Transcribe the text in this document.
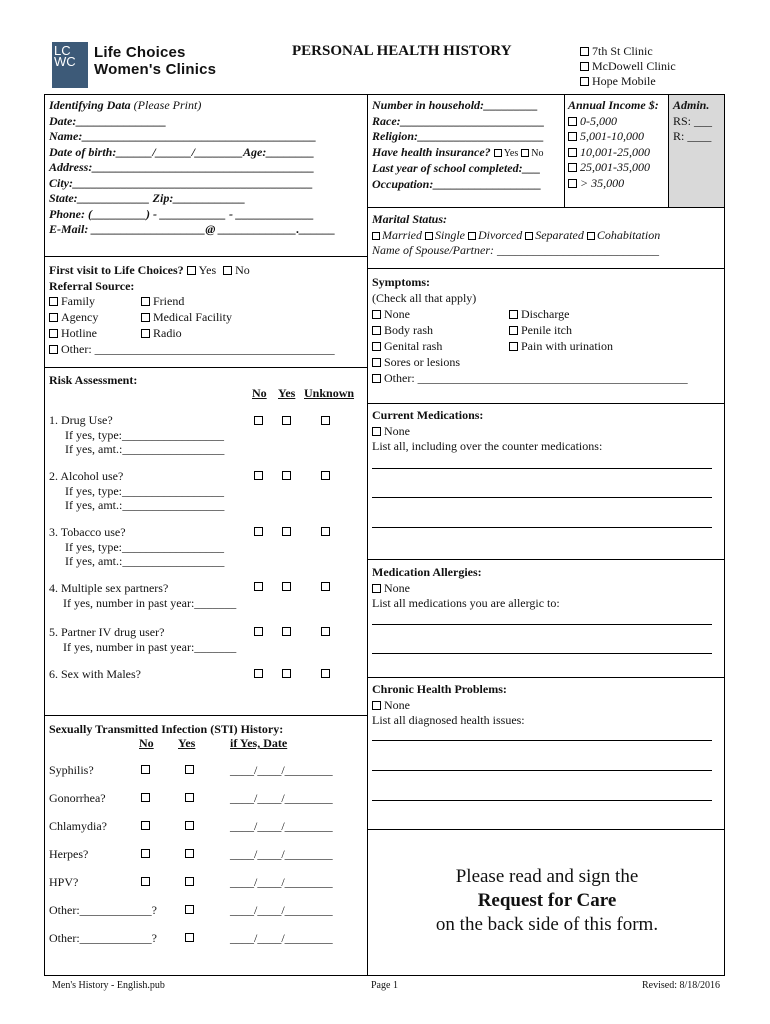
LCWC
Life Choices
Women's Clinics
PERSONAL HEALTH HISTORY	7th St Clinic
McDowell Clinic
Hope Mobile
Identifying Data (Please Print)
Date:_______________
Name:_______________________________________
Date of birth:______/______/________Age:________
Address:_____________________________________
City:________________________________________
State:____________ Zip:____________
Phone: (_________) - ___________ - _____________
E-Mail: ___________________@ _____________.______
Number in household:_________
Race:________________________
Religion:_____________________
Have health insurance? Yes No
Last year of school completed:___
Occupation:__________________
Annual Income $:
0-5,000
5,001-10,000
10,001-25,000
25,001-35,000
> 35,000
Admin.
RS: ___
R: ____
Marital Status:
Married Single Divorced Separated Cohabitation
Name of Spouse/Partner: ___________________________
First visit to Life Choices? Yes No
Referral Source:
Family
Agency
Hotline
Other: ________________________________________
Friend
Medical Facility
Radio
Symptoms:
(Check all that apply)
None
Body rash
Genital rash
Sores or lesions
Other: _____________________________________________
Discharge
Penile itch
Pain with urination
Risk Assessment:
No Yes Unknown
1. Drug Use?
If yes, type:_________________
If yes, amt.:_________________
2. Alcohol use?
If yes, type:_________________
If yes, amt.:_________________
3. Tobacco use?
If yes, type:_________________
If yes, amt.:_________________
4. Multiple sex partners?
If yes, number in past year:_______
5. Partner IV drug user?
If yes, number in past year:_______
6. Sex with Males?
Current Medications:
None
List all, including over the counter medications:
Medication Allergies:
None
List all medications you are allergic to:
Chronic Health Problems:
None
List all diagnosed health issues:
Sexually Transmitted Infection (STI) History:
No Yes	if Yes, Date
Syphilis?	____/____/________
Gonorrhea?	____/____/________
Chlamydia?	____/____/________
Herpes?	____/____/________
HPV?	____/____/________
Other:____________?	____/____/________
Other:____________?	____/____/________
Please read and sign the
Request for Care
on the back side of this form.
Men's History - English.pub	Page 1	Revised: 8/18/2016
